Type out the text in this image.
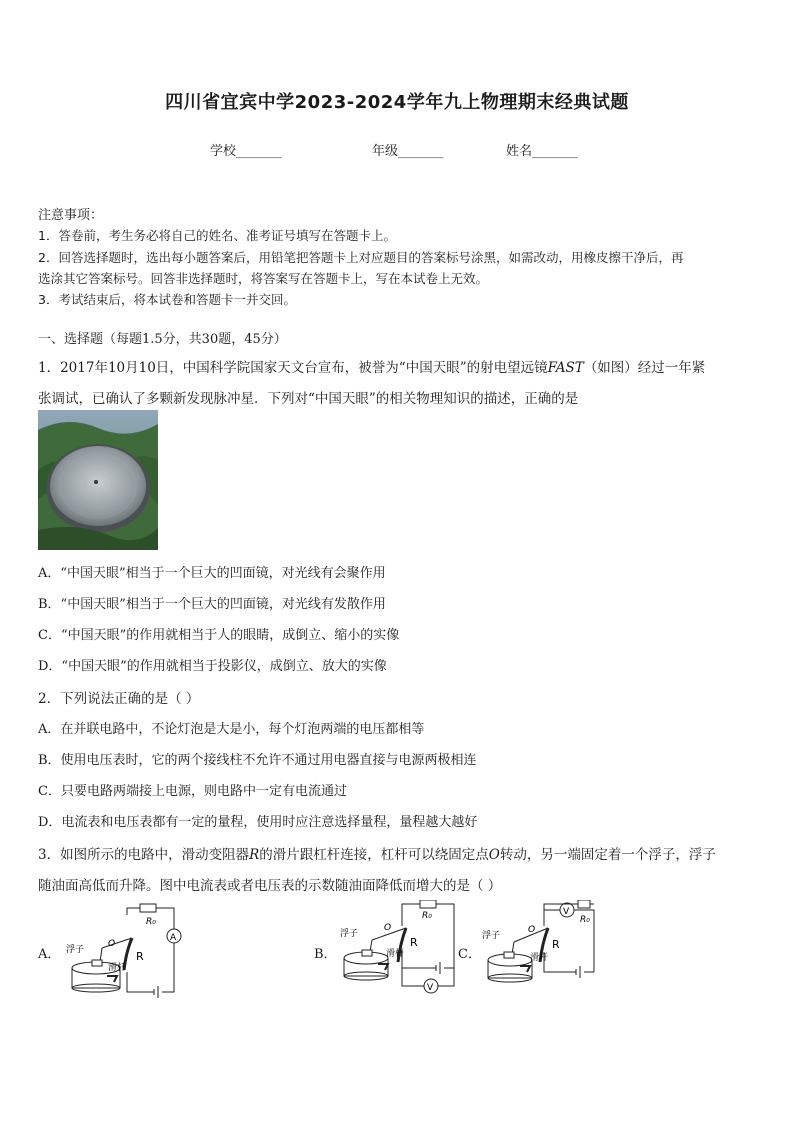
四川省宜宾中学2023-2024学年九上物理期末经典试题
学校_______	年级_______	姓名_______
注意事项：
1．答卷前，考生务必将自己的姓名、准考证号填写在答题卡上。
2．回答选择题时，选出每小题答案后，用铅笔把答题卡上对应题目的答案标号涂黑，如需改动，用橡皮擦干净后，再
选涂其它答案标号。回答非选择题时，将答案写在答题卡上，写在本试卷上无效。
3．考试结束后，将本试卷和答题卡一并交回。
一、选择题（每题1.5分，共30题，45分）
1．2017年10月10日，中国科学院国家天文台宣布，被誉为“中国天眼”的射电望远镜FAST（如图）经过一年紧
张调试，已确认了多颗新发现脉冲星．下列对“中国天眼”的相关物理知识的描述，正确的是
A．“中国天眼”相当于一个巨大的凹面镜，对光线有会聚作用
B．“中国天眼”相当于一个巨大的凹面镜，对光线有发散作用
C．“中国天眼”的作用就相当于人的眼睛，成倒立、缩小的实像
D．“中国天眼”的作用就相当于投影仪，成倒立、放大的实像
2．下列说法正确的是（ ）
A．在并联电路中，不论灯泡是大是小，每个灯泡两端的电压都相等
B．使用电压表时，它的两个接线柱不允许不通过用电器直接与电源两极相连
C．只要电路两端接上电源，则电路中一定有电流通过
D．电流表和电压表都有一定的量程，使用时应注意选择量程，量程越大越好
3．如图所示的电路中，滑动变阻器R的滑片跟杠杆连接，杠杆可以绕固定点O转动，另一端固定着一个浮子，浮子
随油面高低而升降。图中电流表或者电压表的示数随油面降低而增大的是（ ）
A． 浮子
O
滑杆
R
R₀
A
B．
浮子
O
滑杆
R
R₀
V
C．
浮子
O
滑杆
R
R₀
V
